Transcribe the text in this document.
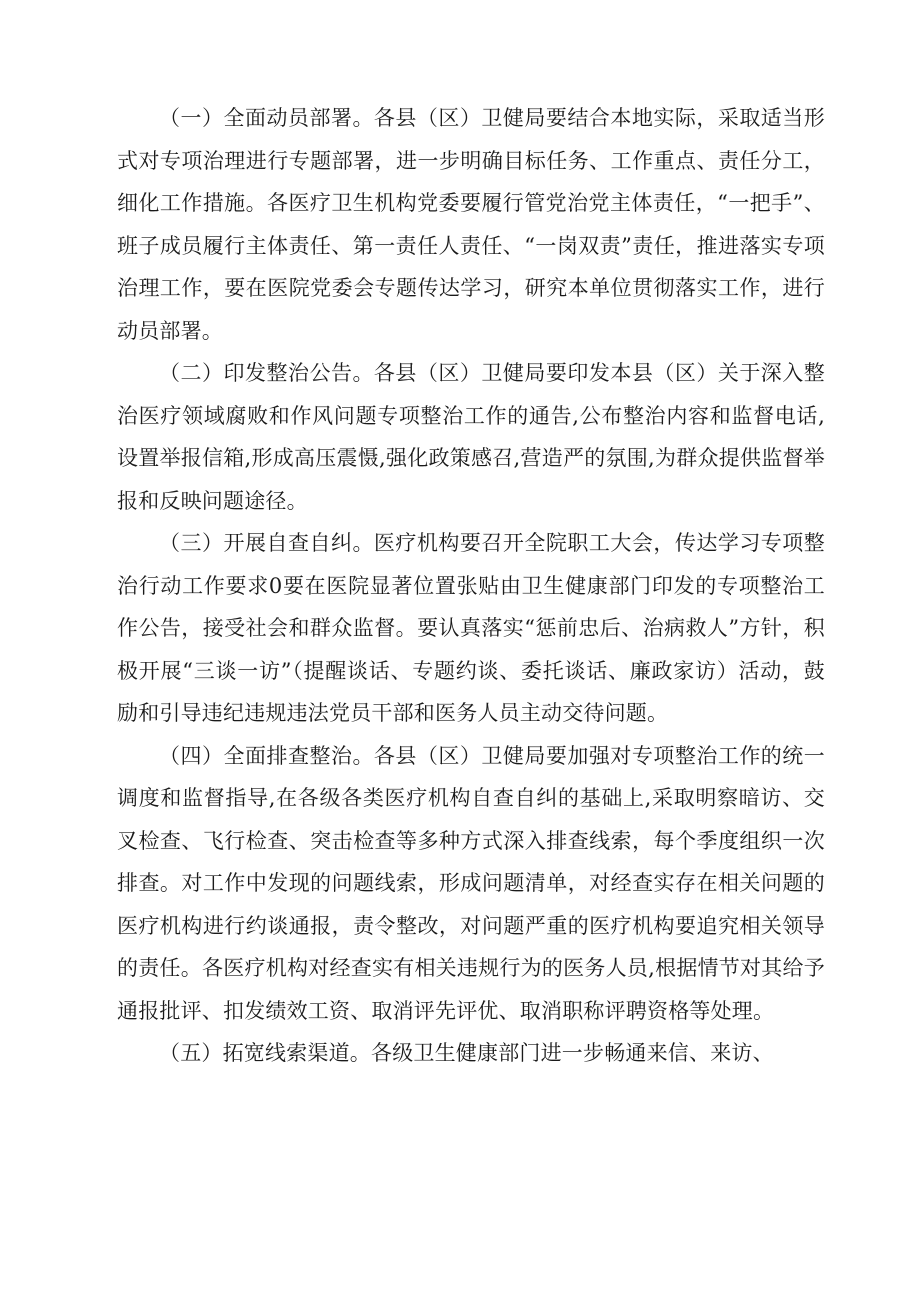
（一）全面动员部署。各县（区）卫健局要结合本地实际，采取适当形式对专项治理进行专题部署，进一步明确目标任务、工作重点、责任分工，细化工作措施。各医疗卫生机构党委要履行管党治党主体责任，“一把手”、班子成员履行主体责任、第一责任人责任、“一岗双责”责任，推进落实专项治理工作，要在医院党委会专题传达学习，研究本单位贯彻落实工作，进行动员部署。

（二）印发整治公告。各县（区）卫健局要印发本县（区）关于深入整治医疗领域腐败和作风问题专项整治工作的通告,公布整治内容和监督电话,设置举报信箱,形成高压震慑,强化政策感召,营造严的氛围,为群众提供监督举报和反映问题途径。

（三）开展自查自纠。医疗机构要召开全院职工大会，传达学习专项整治行动工作要求0要在医院显著位置张贴由卫生健康部门印发的专项整治工作公告，接受社会和群众监督。要认真落实“惩前忠后、治病救人”方针，积极开展“三谈一访”（提醒谈话、专题约谈、委托谈话、廉政家访）活动，鼓励和引导违纪违规违法党员干部和医务人员主动交待问题。

（四）全面排查整治。各县（区）卫健局要加强对专项整治工作的统一调度和监督指导,在各级各类医疗机构自查自纠的基础上,采取明察暗访、交叉检查、飞行检查、突击检查等多种方式深入排查线索，每个季度组织一次排查。对工作中发现的问题线索，形成问题清单，对经查实存在相关问题的医疗机构进行约谈通报，责令整改，对问题严重的医疗机构要追究相关领导的责任。各医疗机构对经查实有相关违规行为的医务人员,根据情节对其给予通报批评、扣发绩效工资、取消评先评优、取消职称评聘资格等处理。

（五）拓宽线索渠道。各级卫生健康部门进一步畅通来信、来访、
